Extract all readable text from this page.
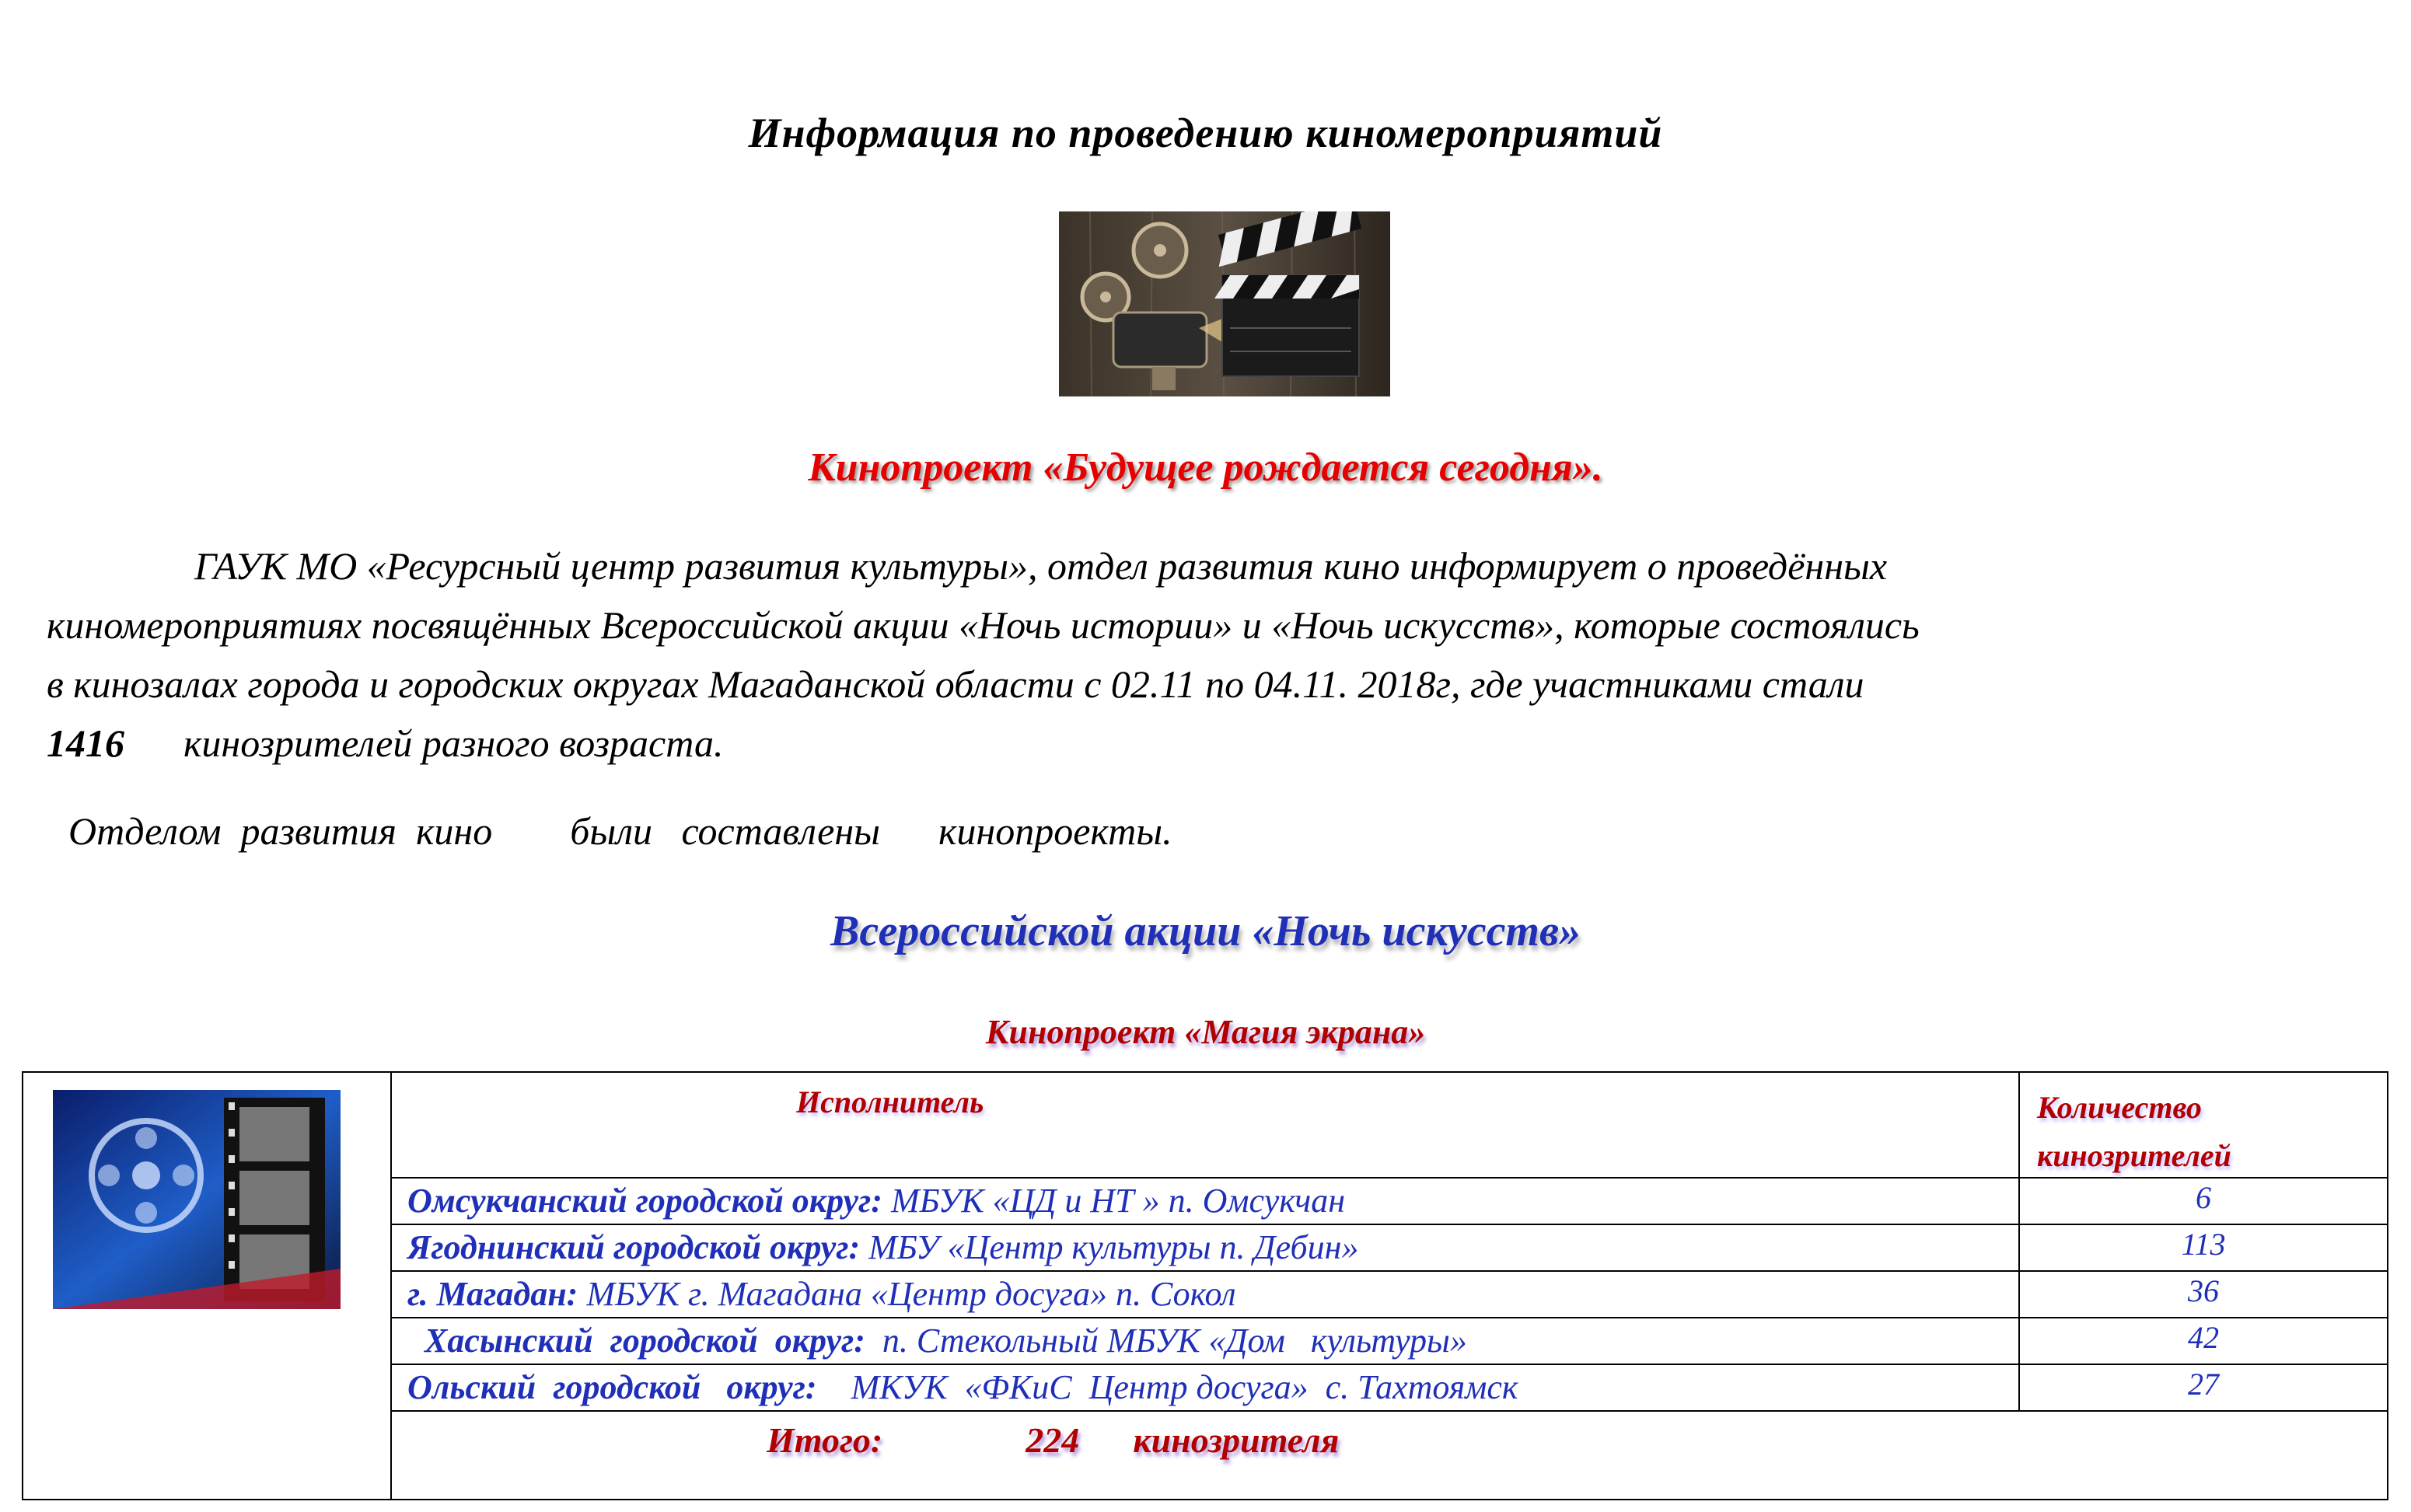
Информация по проведению киномероприятий
Кинопроект «Будущее рождается сегодня».
ГАУК МО «Ресурсный центр развития культуры», отдел развития кино информирует о проведённых
киномероприятиях посвящённых Всероссийской акции «Ночь истории» и «Ночь искусств», которые состоялись
в кинозалах города и городских округах Магаданской области с 02.11 по 04.11. 2018г, где участниками стали
1416	кинозрителей разного возраста.
Отделом  развития  кино        были   составлены      кинопроекты.
Всероссийской акции «Ночь искусств»
Кинопроект «Магия экрана»
Исполнитель	Количество кинозрителей
Омсукчанский городской округ: МБУК «ЦД и НТ » п. Омсукчан	6
Ягоднинский городской округ: МБУ «Центр культуры п. Дебин»	113
г. Магадан: МБУК г. Магадана «Центр досуга» п. Сокол	36
Хасынский  городской  округ:  п. Стекольный МБУК «Дом   культуры»	42
Ольский  городской   округ:    МКУК  «ФКиС  Центр досуга»  с. Тахтоямск	27
Итого:                224      кинозрителя
